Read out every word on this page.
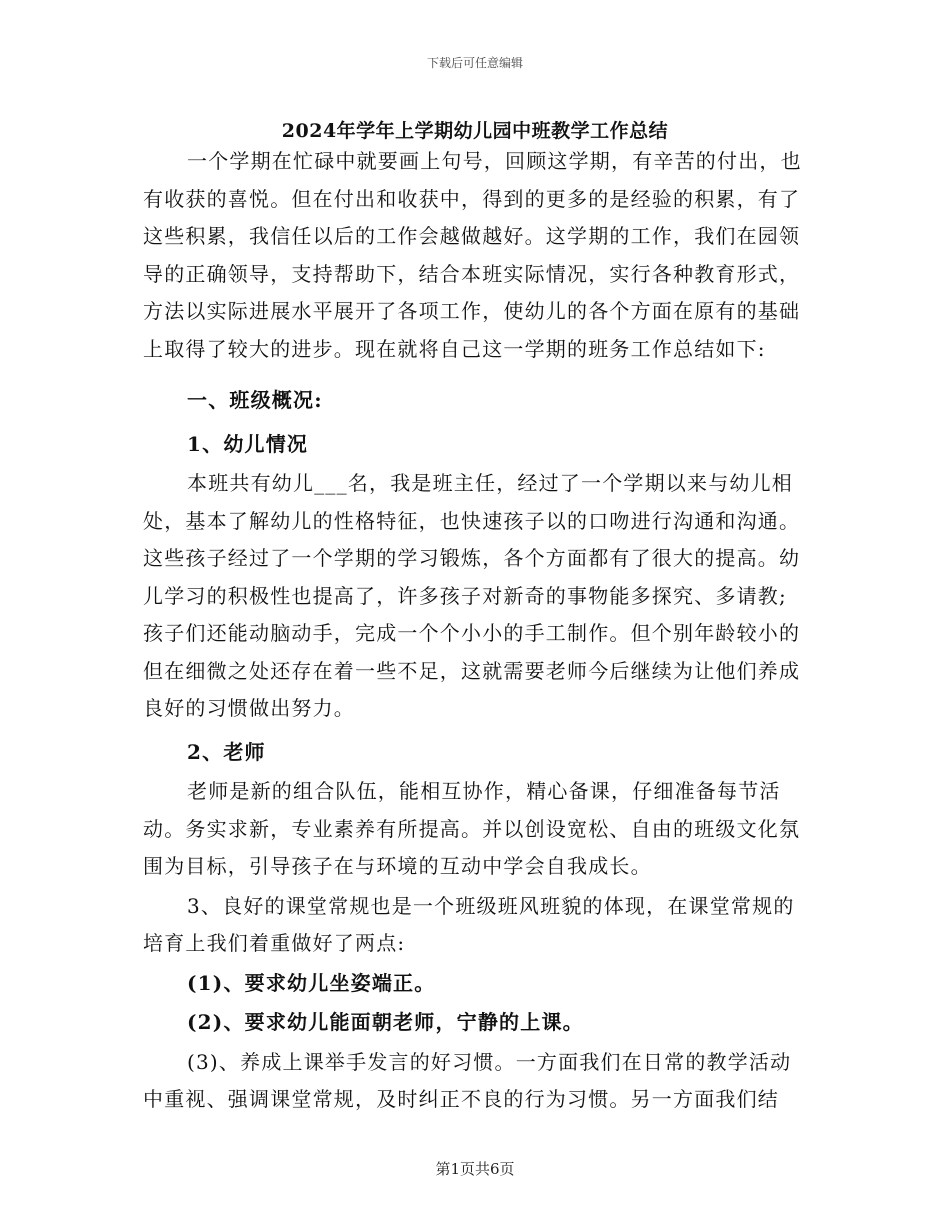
下载后可任意编辑
2024年学年上学期幼儿园中班教学工作总结

一个学期在忙碌中就要画上句号，回顾这学期，有辛苦的付出，也有收获的喜悦。但在付出和收获中，得到的更多的是经验的积累，有了这些积累，我信任以后的工作会越做越好。这学期的工作，我们在园领导的正确领导，支持帮助下，结合本班实际情况，实行各种教育形式，方法以实际进展水平展开了各项工作，使幼儿的各个方面在原有的基础上取得了较大的进步。现在就将自己这一学期的班务工作总结如下:

一、班级概况:

1、幼儿情况

本班共有幼儿___名，我是班主任，经过了一个学期以来与幼儿相处，基本了解幼儿的性格特征，也快速孩子以的口吻进行沟通和沟通。这些孩子经过了一个学期的学习锻炼，各个方面都有了很大的提高。幼儿学习的积极性也提高了，许多孩子对新奇的事物能多探究、多请教;孩子们还能动脑动手，完成一个个小小的手工制作。但个别年龄较小的但在细微之处还存在着一些不足，这就需要老师今后继续为让他们养成良好的习惯做出努力。

2、老师

老师是新的组合队伍，能相互协作，精心备课，仔细准备每节活动。务实求新，专业素养有所提高。并以创设宽松、自由的班级文化氛围为目标，引导孩子在与环境的互动中学会自我成长。

3、良好的课堂常规也是一个班级班风班貌的体现，在课堂常规的培育上我们着重做好了两点:

(1)、要求幼儿坐姿端正。

(2)、要求幼儿能面朝老师，宁静的上课。

(3)、养成上课举手发言的好习惯。一方面我们在日常的教学活动中重视、强调课堂常规，及时纠正不良的行为习惯。另一方面我们结

第1页共6页
